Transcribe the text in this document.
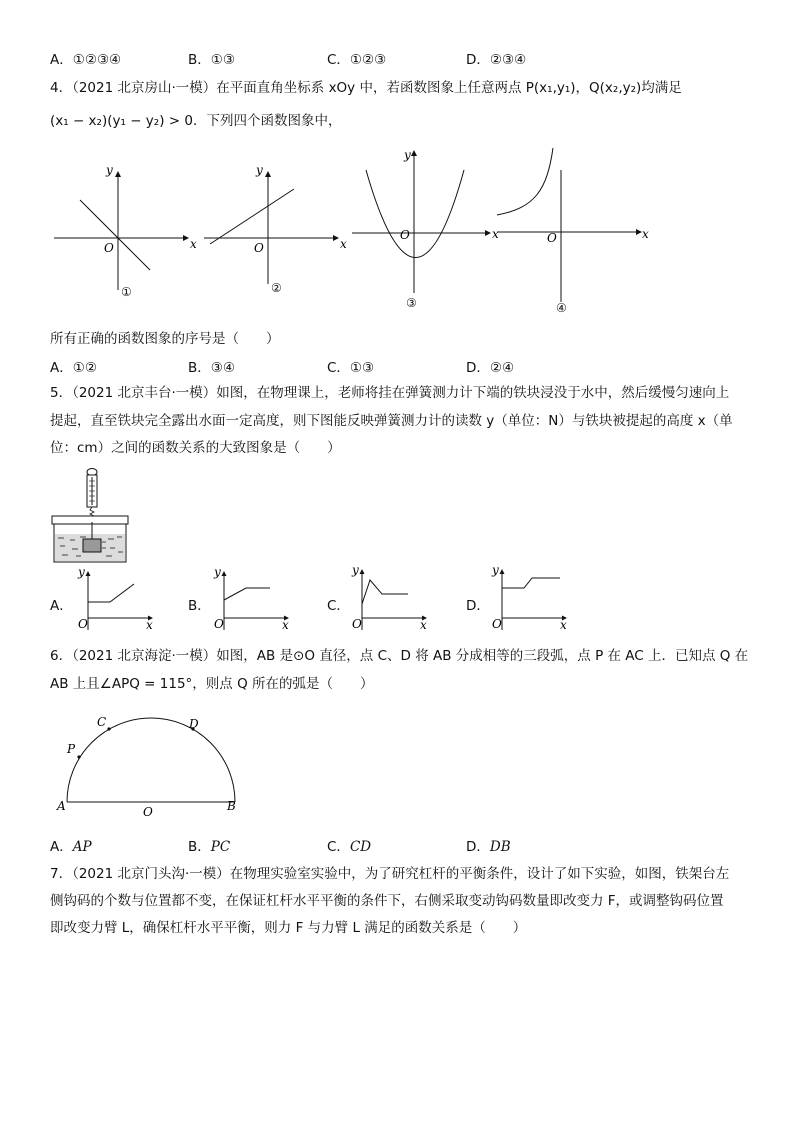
A．①②③④	B．①③	C．①②③	D．②③④
4．（2021 北京房山·一模）在平面直角坐标系 xOy 中，若函数图象上任意两点 P(x₁,y₁)，Q(x₂,y₂)均满足
(x₁ − x₂)(y₁ − y₂) > 0．下列四个函数图象中，
x
y
O
①
x
y
O
②
x
y
O
③
x
O
④
所有正确的函数图象的序号是（　　）
A．①②	B．③④	C．①③	D．②④
5．（2021 北京丰台·一模）如图，在物理课上，老师将挂在弹簧测力计下端的铁块浸没于水中，然后缓慢匀速向上
提起，直至铁块完全露出水面一定高度，则下图能反映弹簧测力计的读数 y（单位：N）与铁块被提起的高度 x（单
位：cm）之间的函数关系的大致图象是（　　）
A．
y
O	x
B．
y
O	x
C．
y
O	x
D．
y
O	x
6．（2021 北京海淀·一模）如图，AB 是⊙O 直径，点 C、D 将 AB 分成相等的三段弧，点 P 在 AC 上．已知点 Q 在
AB 上且∠APQ = 115°，则点 Q 所在的弧是（　　）
A	B
C	D
P
O
A．AP	B．PC	C．CD	D．DB
7．（2021 北京门头沟·一模）在物理实验室实验中，为了研究杠杆的平衡条件，设计了如下实验，如图，铁架台左
侧钩码的个数与位置都不变，在保证杠杆水平平衡的条件下，右侧采取变动钩码数量即改变力 F，或调整钩码位置
即改变力臂 L，确保杠杆水平平衡，则力 F 与力臂 L 满足的函数关系是（　　）
